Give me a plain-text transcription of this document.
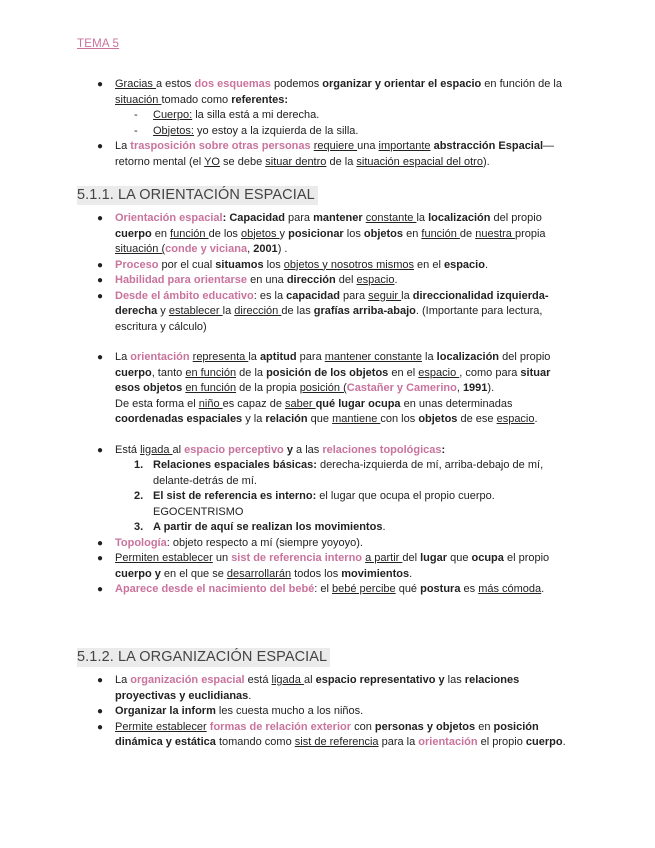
TEMA 5
● Gracias a estos dos esquemas podemos organizar y orientar el espacio en función de la situación tomado como referentes:
- Cuerpo: la silla está a mi derecha.
- Objetos: yo estoy a la izquierda de la silla.
● La trasposición sobre otras personas requiere una importante abstracción Espacial—retorno mental (el YO se debe situar dentro de la situación espacial del otro).
5.1.1. LA ORIENTACIÓN ESPACIAL
● Orientación espacial: Capacidad para mantener constante la localización del propio cuerpo en función de los objetos y posicionar los objetos en función de nuestra propia situación (conde y viciana, 2001) .
● Proceso por el cual situamos los objetos y nosotros mismos en el espacio.
● Habilidad para orientarse en una dirección del espacio.
● Desde el ámbito educativo: es la capacidad para seguir la direccionalidad izquierda-derecha y establecer la dirección de las grafías arriba-abajo. (Importante para lectura, escritura y cálculo)
● La orientación representa la aptitud para mantener constante la localización del propio cuerpo, tanto en función de la posición de los objetos en el espacio , como para situar esos objetos en función de la propia posición (Castañer y Camerino, 1991).
De esta forma el niño es capaz de saber qué lugar ocupa en unas determinadas coordenadas espaciales y la relación que mantiene con los objetos de ese espacio.
● Está ligada al espacio perceptivo y a las relaciones topológicas:
1. Relaciones espaciales básicas: derecha-izquierda de mí, arriba-debajo de mí, delante-detrás de mí.
2. El sist de referencia es interno: el lugar que ocupa el propio cuerpo. EGOCENTRISMO
3. A partir de aquí se realizan los movimientos.
● Topología: objeto respecto a mí (siempre yoyoyo).
● Permiten establecer un sist de referencia interno a partir del lugar que ocupa el propio cuerpo y en el que se desarrollarán todos los movimientos.
● Aparece desde el nacimiento del bebé: el bebé percibe qué postura es más cómoda.
5.1.2. LA ORGANIZACIÓN ESPACIAL
● La organización espacial está ligada al espacio representativo y las relaciones proyectivas y euclidianas.
● Organizar la inform les cuesta mucho a los niños.
● Permite establecer formas de relación exterior con personas y objetos en posición dinámica y estática tomando como sist de referencia para la orientación el propio cuerpo.
